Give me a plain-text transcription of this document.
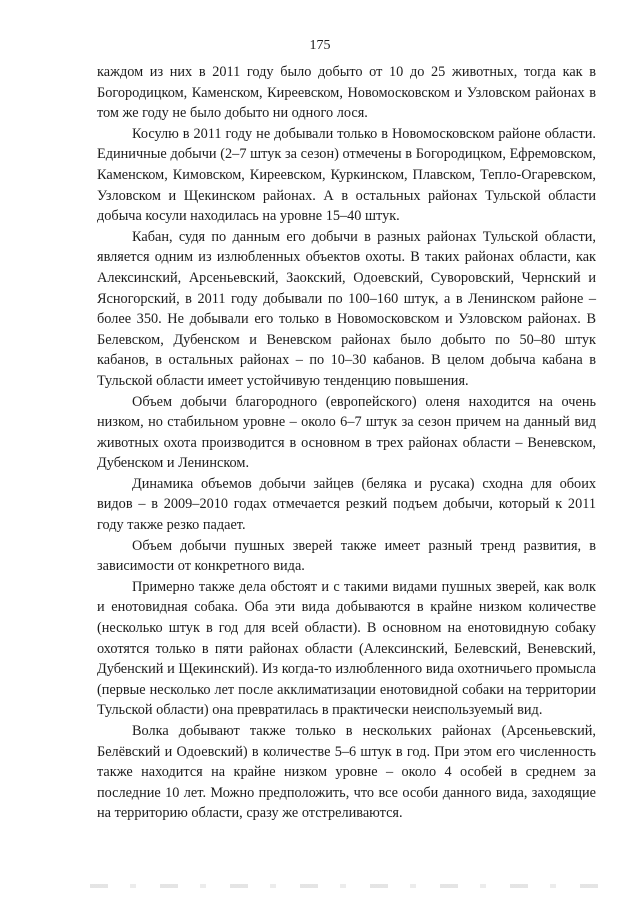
175

каждом из них в 2011 году было добыто от 10 до 25 животных, тогда как в Богородицком, Каменском, Киреевском, Новомосковском и Узловском районах в том же году не было добыто ни одного лося.

Косулю в 2011 году не добывали только в Новомосковском районе области. Единичные добычи (2–7 штук за сезон) отмечены в Богородицком, Ефремовском, Каменском, Кимовском, Киреевском, Куркинском, Плавском, Тепло-Огаревском, Узловском и Щекинском районах. А в остальных районах Тульской области добыча косули находилась на уровне 15–40 штук.

Кабан, судя по данным его добычи в разных районах Тульской области, является одним из излюбленных объектов охоты. В таких районах области, как Алексинский, Арсеньевский, Заокский, Одоевский, Суворовский, Чернский и Ясногорский, в 2011 году добывали по 100–160 штук, а в Ленинском районе – более 350. Не добывали его только в Новомосковском и Узловском районах. В Белевском, Дубенском и Веневском районах было добыто по 50–80 штук кабанов, в остальных районах – по 10–30 кабанов. В целом добыча кабана в Тульской области имеет устойчивую тенденцию повышения.

Объем добычи благородного (европейского) оленя находится на очень низком, но стабильном уровне – около 6–7 штук за сезон причем на данный вид животных охота производится в основном в трех районах области – Веневском, Дубенском и Ленинском.

Динамика объемов добычи зайцев (беляка и русака) сходна для обоих видов – в 2009–2010 годах отмечается резкий подъем добычи, который к 2011 году также резко падает.

Объем добычи пушных зверей также имеет разный тренд развития, в зависимости от конкретного вида.

Примерно также дела обстоят и с такими видами пушных зверей, как волк и енотовидная собака. Оба эти вида добываются в крайне низком количестве (несколько штук в год для всей области). В основном на енотовидную собаку охотятся только в пяти районах области (Алексинский, Белевский, Веневский, Дубенский и Щекинский). Из когда-то излюбленного вида охотничьего промысла (первые несколько лет после акклиматизации енотовидной собаки на территории Тульской области) она превратилась в практически неиспользуемый вид.

Волка добывают также только в нескольких районах (Арсеньевский, Белёвский и Одоевский) в количестве 5–6 штук в год. При этом его численность также находится на крайне низком уровне – около 4 особей в среднем за последние 10 лет. Можно предположить, что все особи данного вида, заходящие на территорию области, сразу же отстреливаются.
